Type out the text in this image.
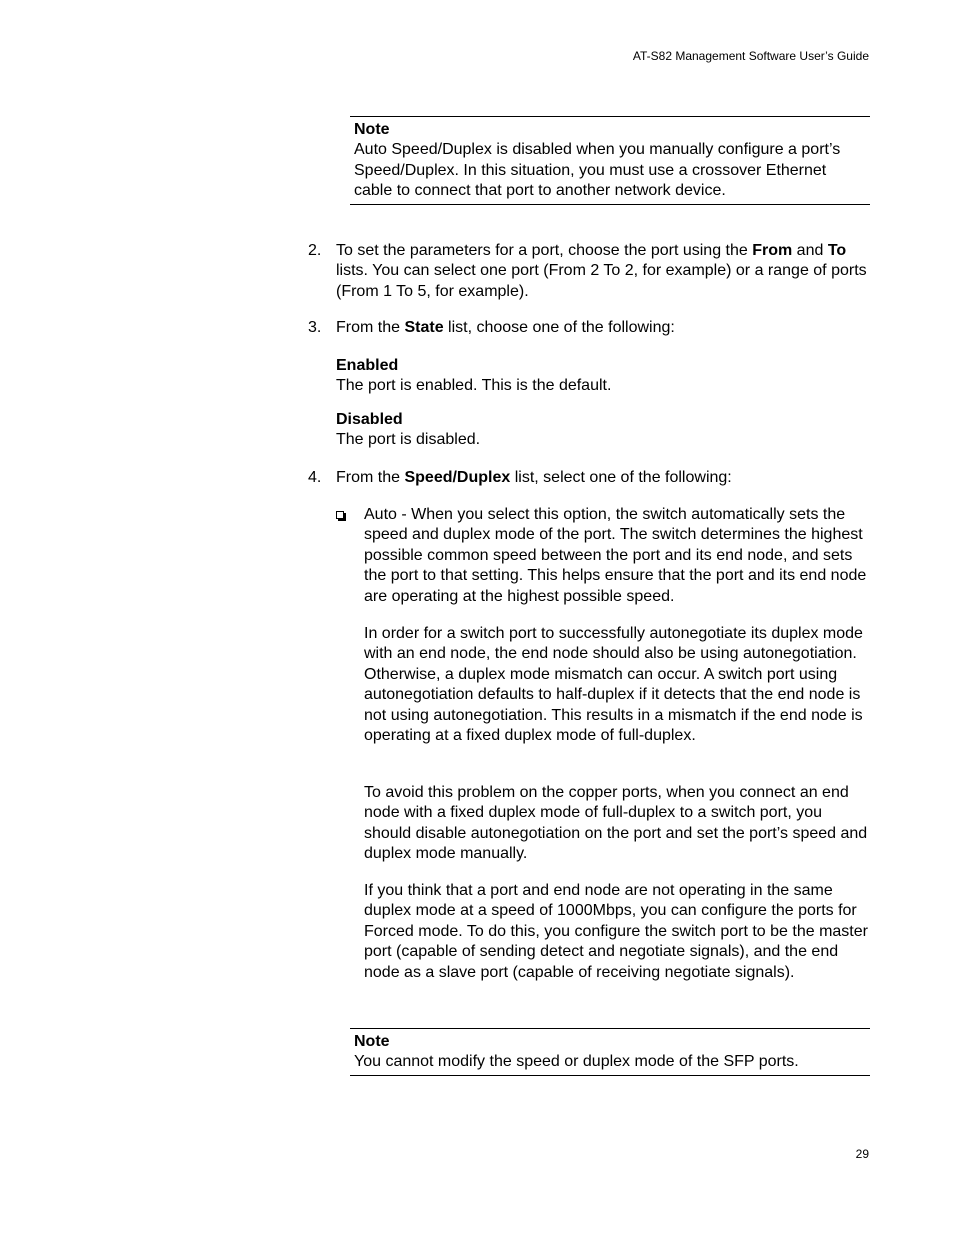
AT-S82 Management Software User’s Guide
Note
Auto Speed/Duplex is disabled when you manually configure a port’s Speed/Duplex. In this situation, you must use a crossover Ethernet cable to connect that port to another network device.
2. To set the parameters for a port, choose the port using the From and To lists. You can select one port (From 2 To 2, for example) or a range of ports (From 1 To 5, for example).
3. From the State list, choose one of the following:
Enabled
The port is enabled. This is the default.
Disabled
The port is disabled.
4. From the Speed/Duplex list, select one of the following:
Auto - When you select this option, the switch automatically sets the speed and duplex mode of the port. The switch determines the highest possible common speed between the port and its end node, and sets the port to that setting. This helps ensure that the port and its end node are operating at the highest possible speed.
In order for a switch port to successfully autonegotiate its duplex mode with an end node, the end node should also be using autonegotiation. Otherwise, a duplex mode mismatch can occur. A switch port using autonegotiation defaults to half-duplex if it detects that the end node is not using autonegotiation. This results in a mismatch if the end node is operating at a fixed duplex mode of full-duplex.
To avoid this problem on the copper ports, when you connect an end node with a fixed duplex mode of full-duplex to a switch port, you should disable autonegotiation on the port and set the port’s speed and duplex mode manually.
If you think that a port and end node are not operating in the same duplex mode at a speed of 1000Mbps, you can configure the ports for Forced mode. To do this, you configure the switch port to be the master port (capable of sending detect and negotiate signals), and the end node as a slave port (capable of receiving negotiate signals).
Note
You cannot modify the speed or duplex mode of the SFP ports.
29
